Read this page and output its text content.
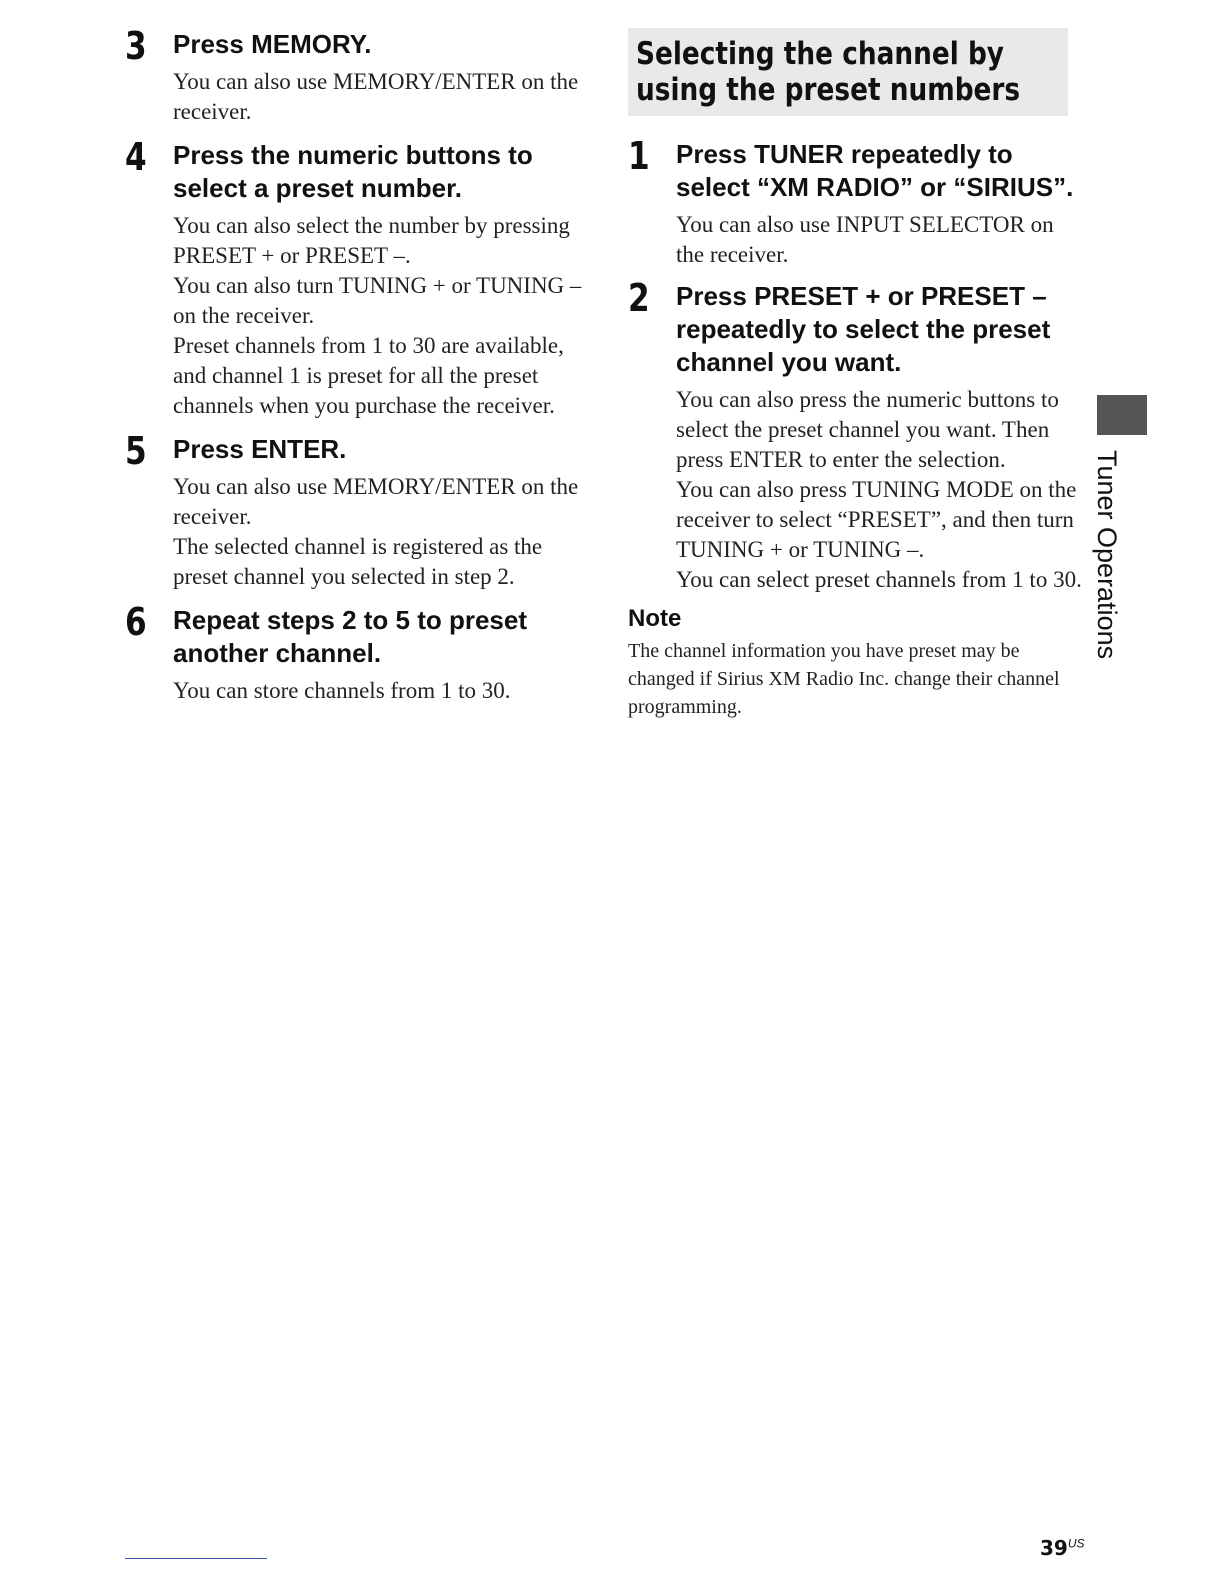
3 Press MEMORY.

You can also use MEMORY/ENTER on the receiver.

4 Press the numeric buttons to select a preset number.

You can also select the number by pressing PRESET + or PRESET –.

You can also turn TUNING + or TUNING – on the receiver.

Preset channels from 1 to 30 are available, and channel 1 is preset for all the preset channels when you purchase the receiver.

5 Press ENTER.

You can also use MEMORY/ENTER on the receiver.

The selected channel is registered as the preset channel you selected in step 2.

6 Repeat steps 2 to 5 to preset another channel.

You can store channels from 1 to 30.

Selecting the channel by using the preset numbers
1 Press TUNER repeatedly to select “XM RADIO” or “SIRIUS”.

You can also use INPUT SELECTOR on the receiver.

2 Press PRESET + or PRESET – repeatedly to select the preset channel you want.

You can also press the numeric buttons to select the preset channel you want. Then press ENTER to enter the selection.

You can also press TUNING MODE on the receiver to select “PRESET”, and then turn TUNING + or TUNING –.

You can select preset channels from 1 to 30.

Note

The channel information you have preset may be changed if Sirius XM Radio Inc. change their channel programming.

Tuner Operations
$39^{US}$
